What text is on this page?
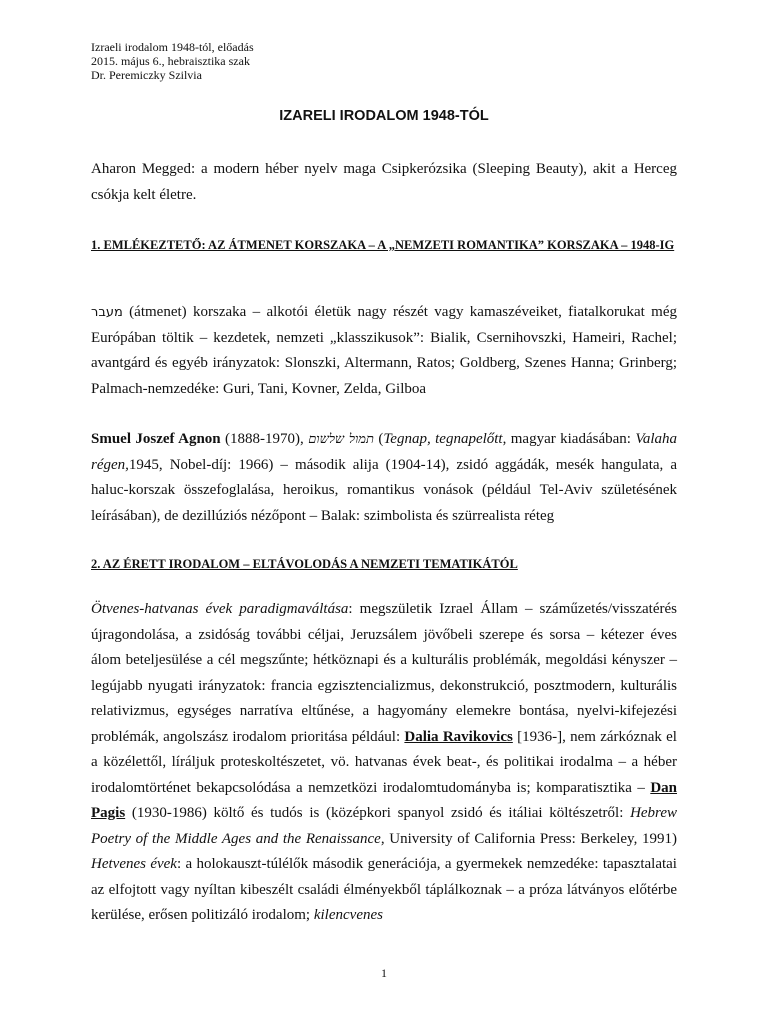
Izraeli irodalom 1948-tól, előadás
2015. május 6., hebraisztika szak
Dr. Peremiczky Szilvia
IZARELI IRODALOM 1948-TÓL
Aharon Megged: a modern héber nyelv maga Csipkerózsika (Sleeping Beauty), akit a Herceg csókja kelt életre.
1. EMLÉKEZTETŐ: AZ ÁTMENET KORSZAKA – A „NEMZETI ROMANTIKA” KORSZAKA – 1948-IG
מעבר (átmenet) korszaka – alkotói életük nagy részét vagy kamaszéveiket, fiatalkorukat még Európában töltik – kezdetek, nemzeti „klasszikusok”: Bialik, Csernihovszki, Hameiri, Rachel; avantgárd és egyéb irányzatok: Slonszki, Altermann, Ratos; Goldberg, Szenes Hanna; Grinberg; Palmach-nemzedéke: Guri, Tani, Kovner, Zelda, Gilboa
Smuel Joszef Agnon (1888-1970), תמול שלשום (Tegnap, tegnapelőtt, magyar kiadásában: Valaha régen,1945, Nobel-díj: 1966) – második alija (1904-14), zsidó aggádák, mesék hangulata, a haluc-korszak összefoglalása, heroikus, romantikus vonások (például Tel-Aviv születésének leírásában), de dezillúziós nézőpont – Balak: szimbolista és szürrealista réteg
2. AZ ÉRETT IRODALOM – ELTÁVOLODÁS A NEMZETI TEMATIKÁTÓL
Ötvenes-hatvanas évek paradigmaváltása: megszületik Izrael Állam – száműzetés/visszatérés újragondolása, a zsidóság további céljai, Jeruzsálem jövőbeli szerepe és sorsa – kétezer éves álom beteljesülése a cél megszűnte; hétköznapi és a kulturális problémák, megoldási kényszer – legújabb nyugati irányzatok: francia egzisztencializmus, dekonstrukció, posztmodern, kulturális relativizmus, egységes narratíva eltűnése, a hagyomány elemekre bontása, nyelvi-kifejezési problémák, angolszász irodalom prioritása például: Dalia Ravikovics [1936-], nem zárkóznak el a közélettől, líráljuk proteskoltészetet, vö. hatvanas évek beat-, és politikai irodalma – a héber irodalomtörténet bekapcsolódása a nemzetközi irodalomtudományba is; komparatisztika – Dan Pagis (1930-1986) költő és tudós is (középkori spanyol zsidó és itáliai költészetről: Hebrew Poetry of the Middle Ages and the Renaissance, University of California Press: Berkeley, 1991) Hetvenes évek: a holokauszt-túlélők második generációja, a gyermekek nemzedéke: tapasztalatai az elfojtott vagy nyíltan kibeszélt családi élményekből táplálkoznak – a próza látványos előtérbe kerülése, erősen politizáló irodalom; kilencvenes
1
